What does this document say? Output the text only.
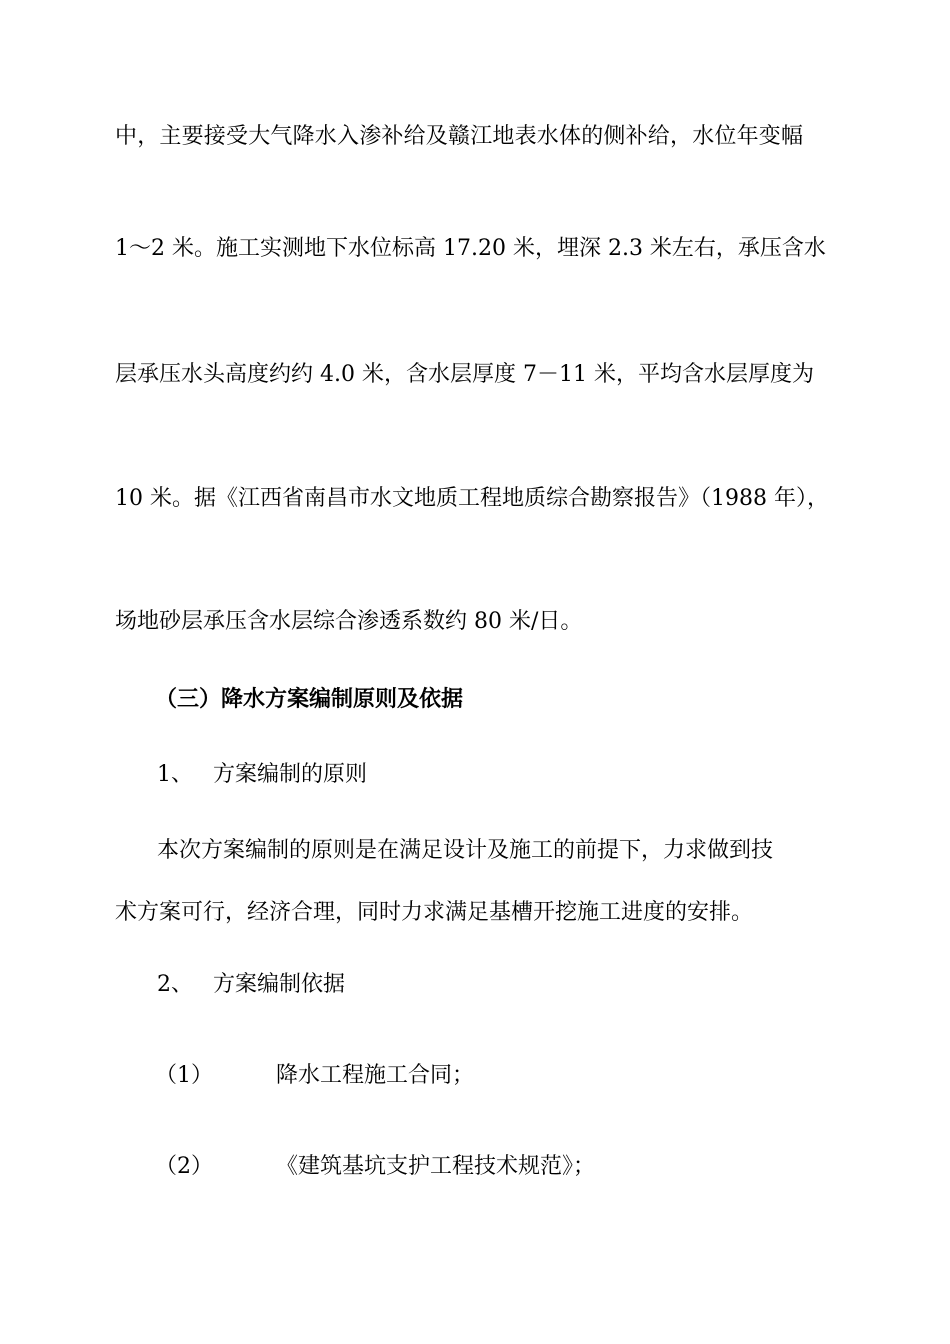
中，主要接受大气降水入渗补给及赣江地表水体的侧补给，水位年变幅
1～2 米。施工实测地下水位标高 17.20 米，埋深 2.3 米左右，承压含水
层承压水头高度约约 4.0 米，含水层厚度 7－11 米，平均含水层厚度为
10 米。据《江西省南昌市水文地质工程地质综合勘察报告》（1988 年），
场地砂层承压含水层综合渗透系数约 80 米/日。
（三）降水方案编制原则及依据
1、 方案编制的原则
本次方案编制的原则是在满足设计及施工的前提下，力求做到技
术方案可行，经济合理，同时力求满足基槽开挖施工进度的安排。
2、 方案编制依据
（1）	降水工程施工合同；
（2）	《建筑基坑支护工程技术规范》；
